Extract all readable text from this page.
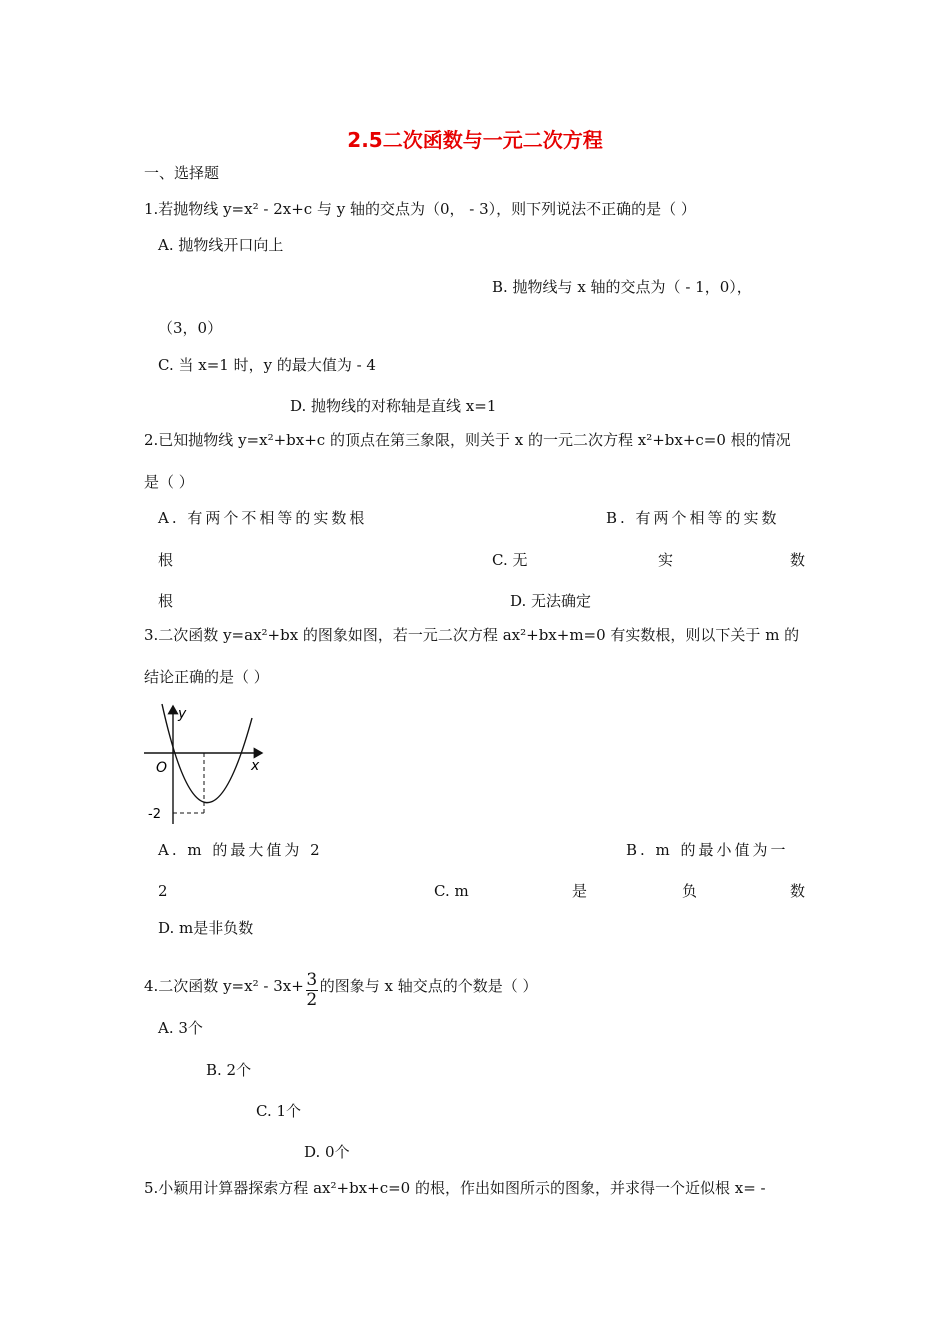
2.5二次函数与一元二次方程
一、选择题
1.若抛物线 y=x² - 2x+c 与 y 轴的交点为（0， - 3），则下列说法不正确的是（ ）
A. 抛物线开口向上
B. 抛物线与 x 轴的交点为（ - 1，0），
（3，0）
C. 当 x=1 时，y 的最大值为 - 4
D. 抛物线的对称轴是直线 x=1
2.已知抛物线 y=x²+bx+c 的顶点在第三象限，则关于 x 的一元二次方程 x²+bx+c=0 根的情况
是（ ）
A. 有两个不相等的实数根	B. 有两个相等的实数
根	C. 无	实	数
根	D. 无法确定
3.二次函数 y=ax²+bx 的图象如图，若一元二次方程 ax²+bx+m=0 有实数根，则以下关于 m 的
结论正确的是（ ）
y
x
O
-2
A. m 的最大值为 2	B. m 的最小值为一
2	C. m	是	负	数
D. m是非负数
4.二次函数 $y=x^2 - 3x+ \frac{3}{2}$ 的图象与 x 轴交点的个数是（ ）
A. 3个
B. 2个
C. 1个
D. 0个
5.小颖用计算器探索方程 ax²+bx+c=0 的根，作出如图所示的图象，并求得一个近似根 x= -
